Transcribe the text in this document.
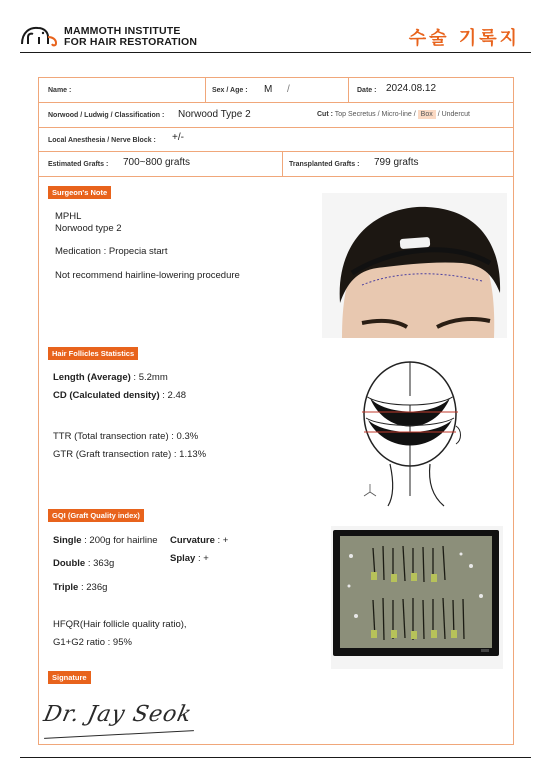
MAMMOTH INSTITUTE
FOR HAIR RESTORATION	수술 기록지
Name :	Sex / Age : M /	Date : 2024.08.12
Norwood / Ludwig / Classification : Norwood Type 2	Cut : Top Secretus / Micro-line / Box / Undercut
Local Anesthesia / Nerve Block : +/-
Estimated Grafts : 700~800 grafts	Transplanted Grafts : 799 grafts
Surgeon's Note
MPHL
Norwood type 2
Medication : Propecia start
Not recommend hairline-lowering procedure
Hair Follicles Statistics
Length (Average) : 5.2mm
CD (Calculated density) : 2.48
TTR (Total transection rate) : 0.3%
GTR (Graft transection rate) : 1.13%
GQI (Graft Quality index)
Single : 200g for hairline Curvature : +
Splay : +
Double : 363g
Triple : 236g
HFQR(Hair follicle quality ratio),
G1+G2 ratio : 95%
Signature
Dr. Jay Seok
